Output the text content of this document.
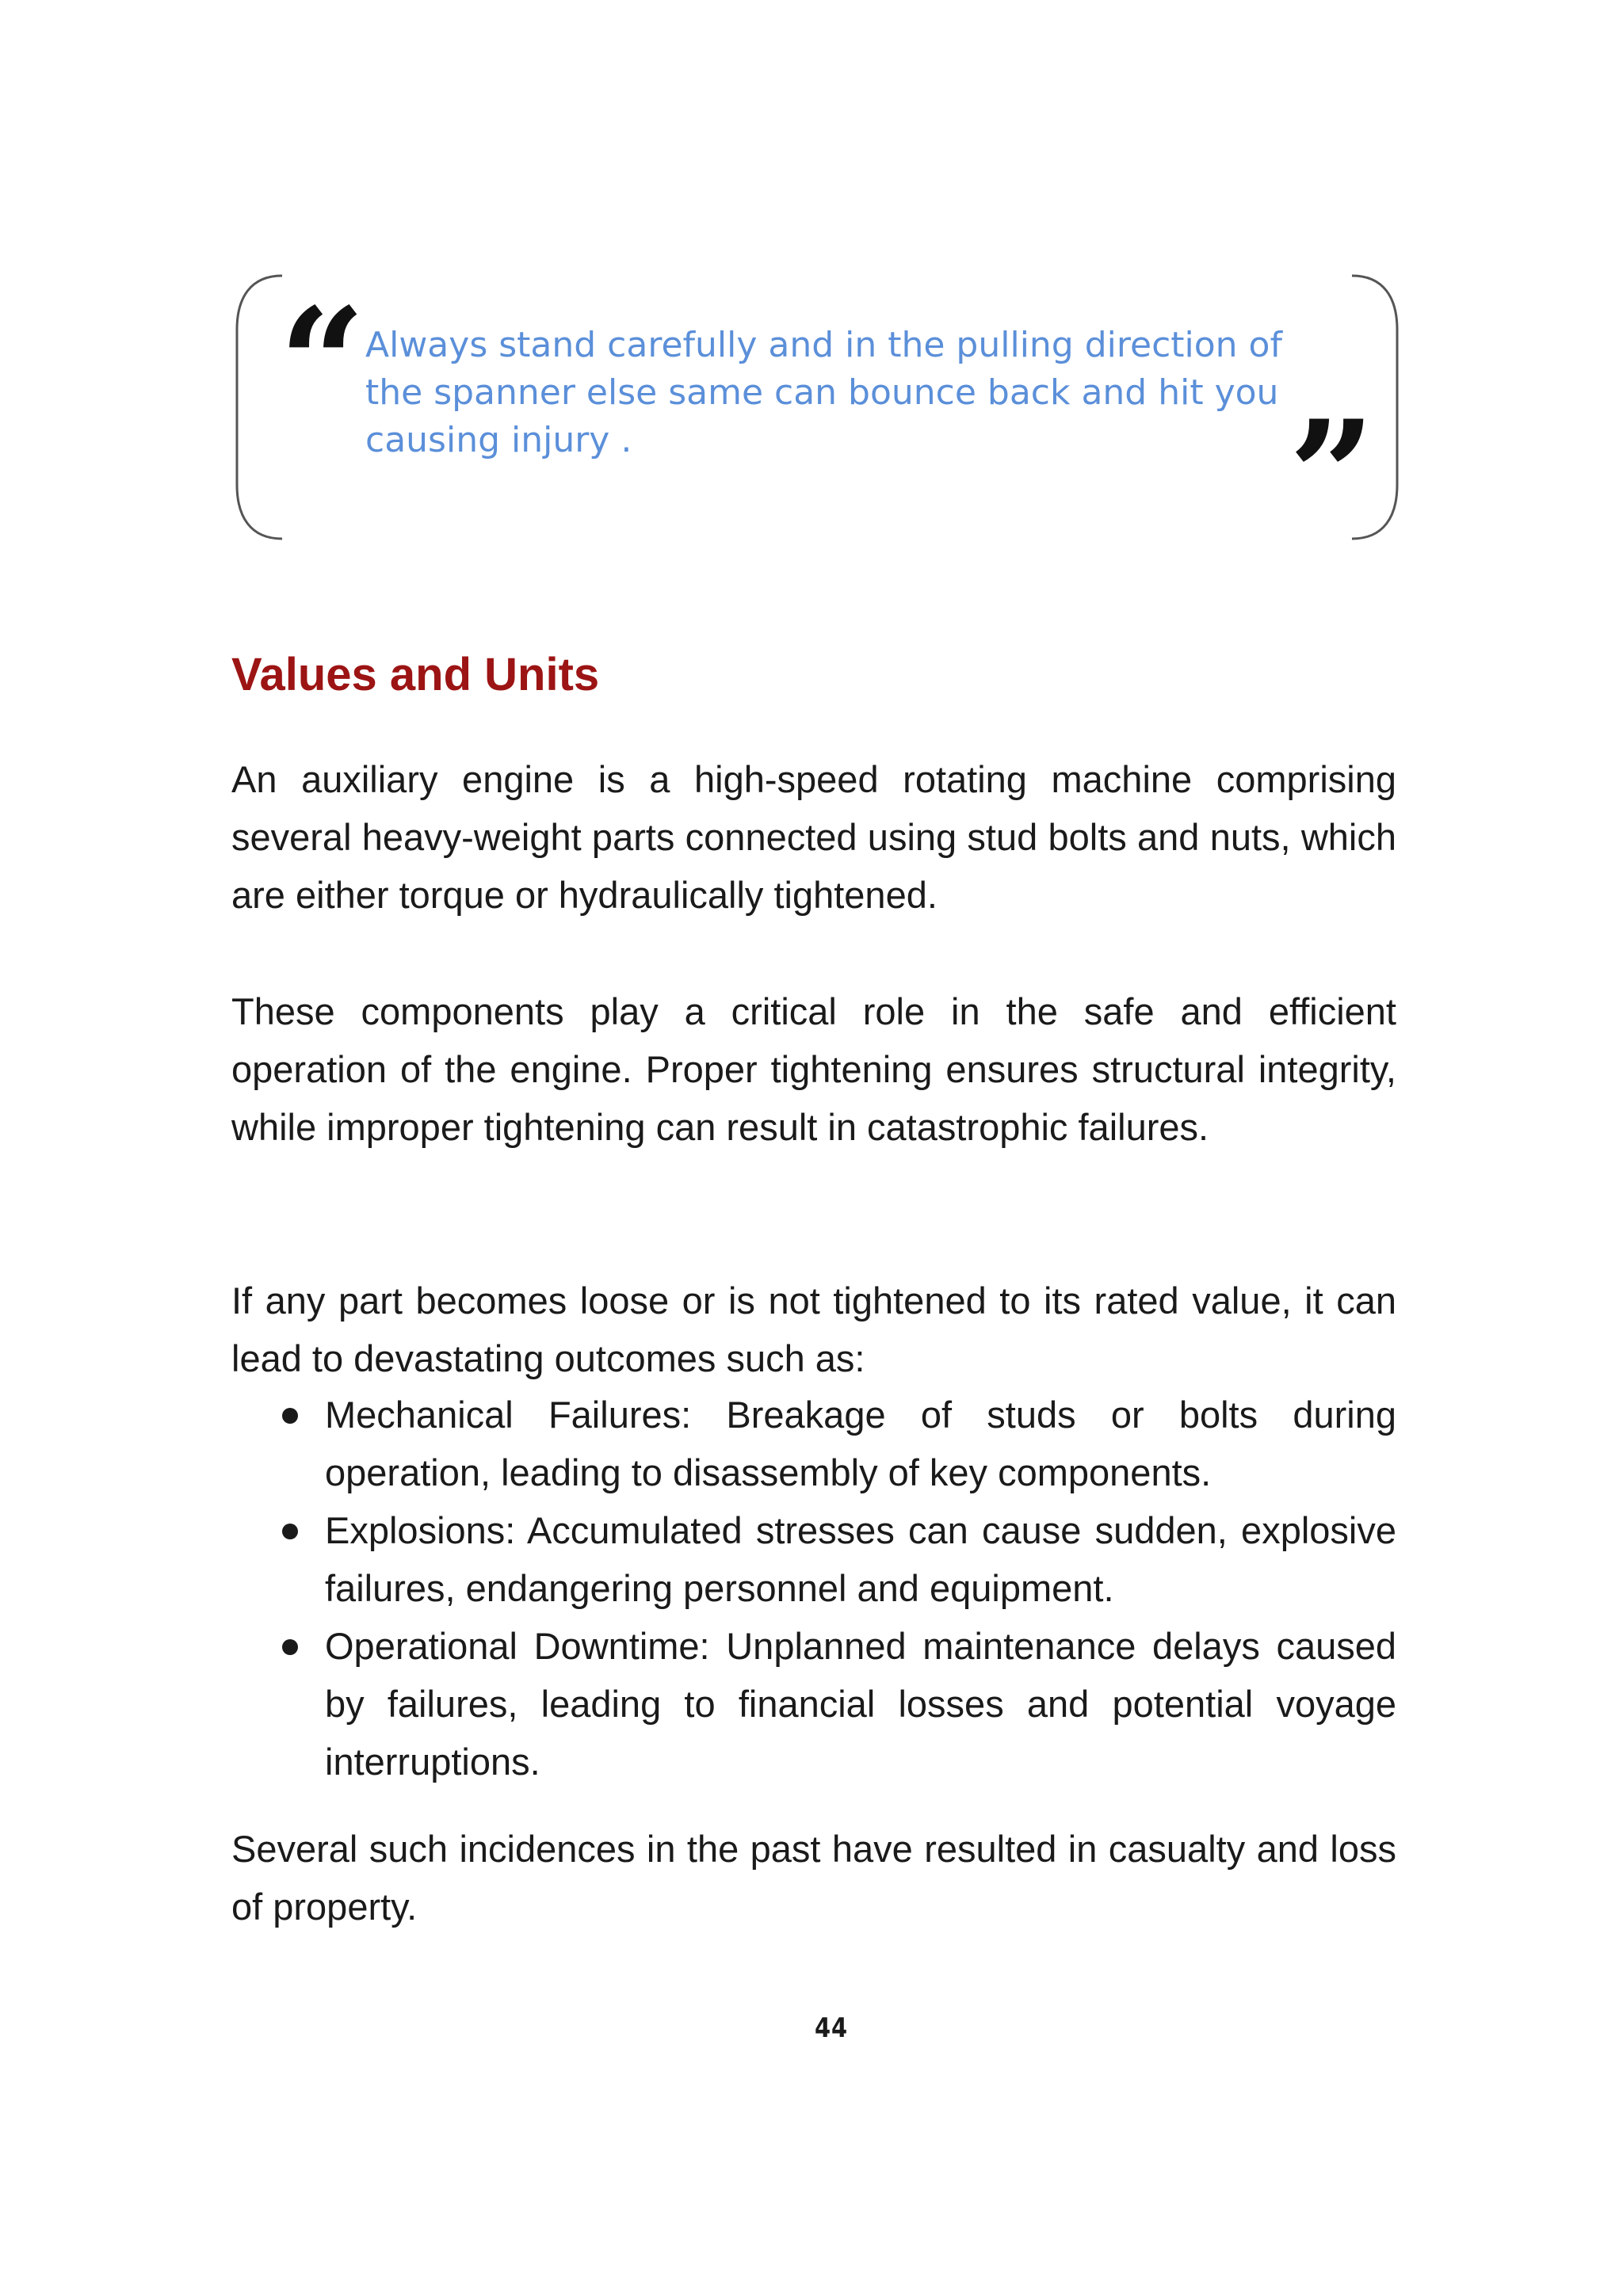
“ Always stand carefully and in the pulling direction of the spanner else same can bounce back and hit you causing injury .	”
Values and Units

An auxiliary engine is a high-speed rotating machine comprising several heavy-weight parts connected using stud bolts and nuts, which are either torque or hydraulically tightened.

These components play a critical role in the safe and efficient operation of the engine. Proper tightening ensures structural integrity, while improper tightening can result in catastrophic failures.

If any part becomes loose or is not tightened to its rated value, it can lead to devastating outcomes such as:

Mechanical Failures: Breakage of studs or bolts during operation, leading to disassembly of key components.
Explosions: Accumulated stresses can cause sudden, explosive failures, endangering personnel and equipment.
Operational Downtime: Unplanned maintenance delays caused by failures, leading to financial losses and potential voyage interruptions.

Several such incidences in the past have resulted in casualty and loss of property.

44
